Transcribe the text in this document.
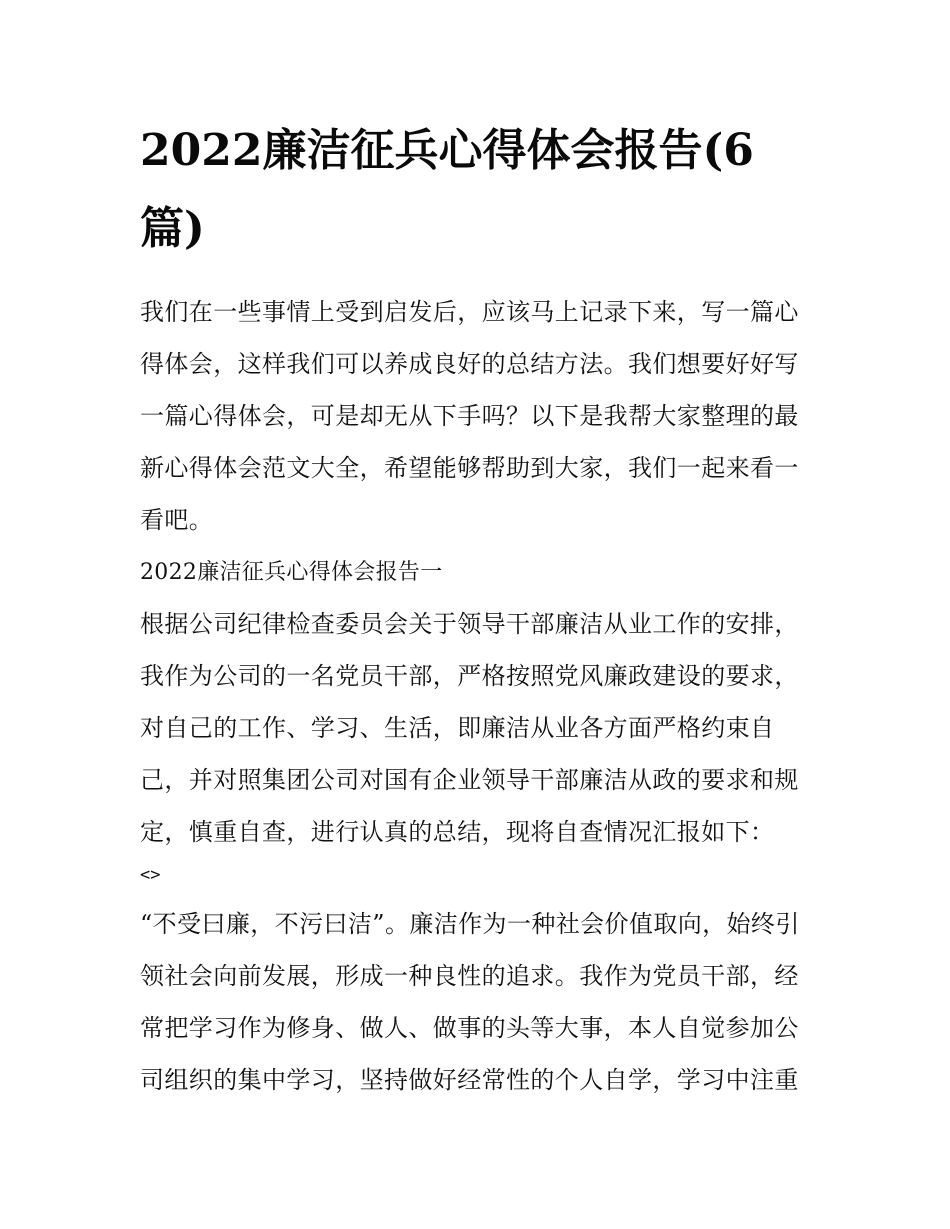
2022廉洁征兵心得体会报告(6篇)

我们在一些事情上受到启发后，应该马上记录下来，写一篇心得体会，这样我们可以养成良好的总结方法。我们想要好好写一篇心得体会，可是却无从下手吗？以下是我帮大家整理的最新心得体会范文大全，希望能够帮助到大家，我们一起来看一看吧。

2022廉洁征兵心得体会报告一

根据公司纪律检查委员会关于领导干部廉洁从业工作的安排，我作为公司的一名党员干部，严格按照党风廉政建设的要求，对自己的工作、学习、生活，即廉洁从业各方面严格约束自己，并对照集团公司对国有企业领导干部廉洁从政的要求和规定，慎重自查，进行认真的总结，现将自查情况汇报如下：

<>

“不受曰廉，不污曰洁”。廉洁作为一种社会价值取向，始终引领社会向前发展，形成一种良性的追求。我作为党员干部，经常把学习作为修身、做人、做事的头等大事，本人自觉参加公司组织的集中学习，坚持做好经常性的个人自学，学习中注重
